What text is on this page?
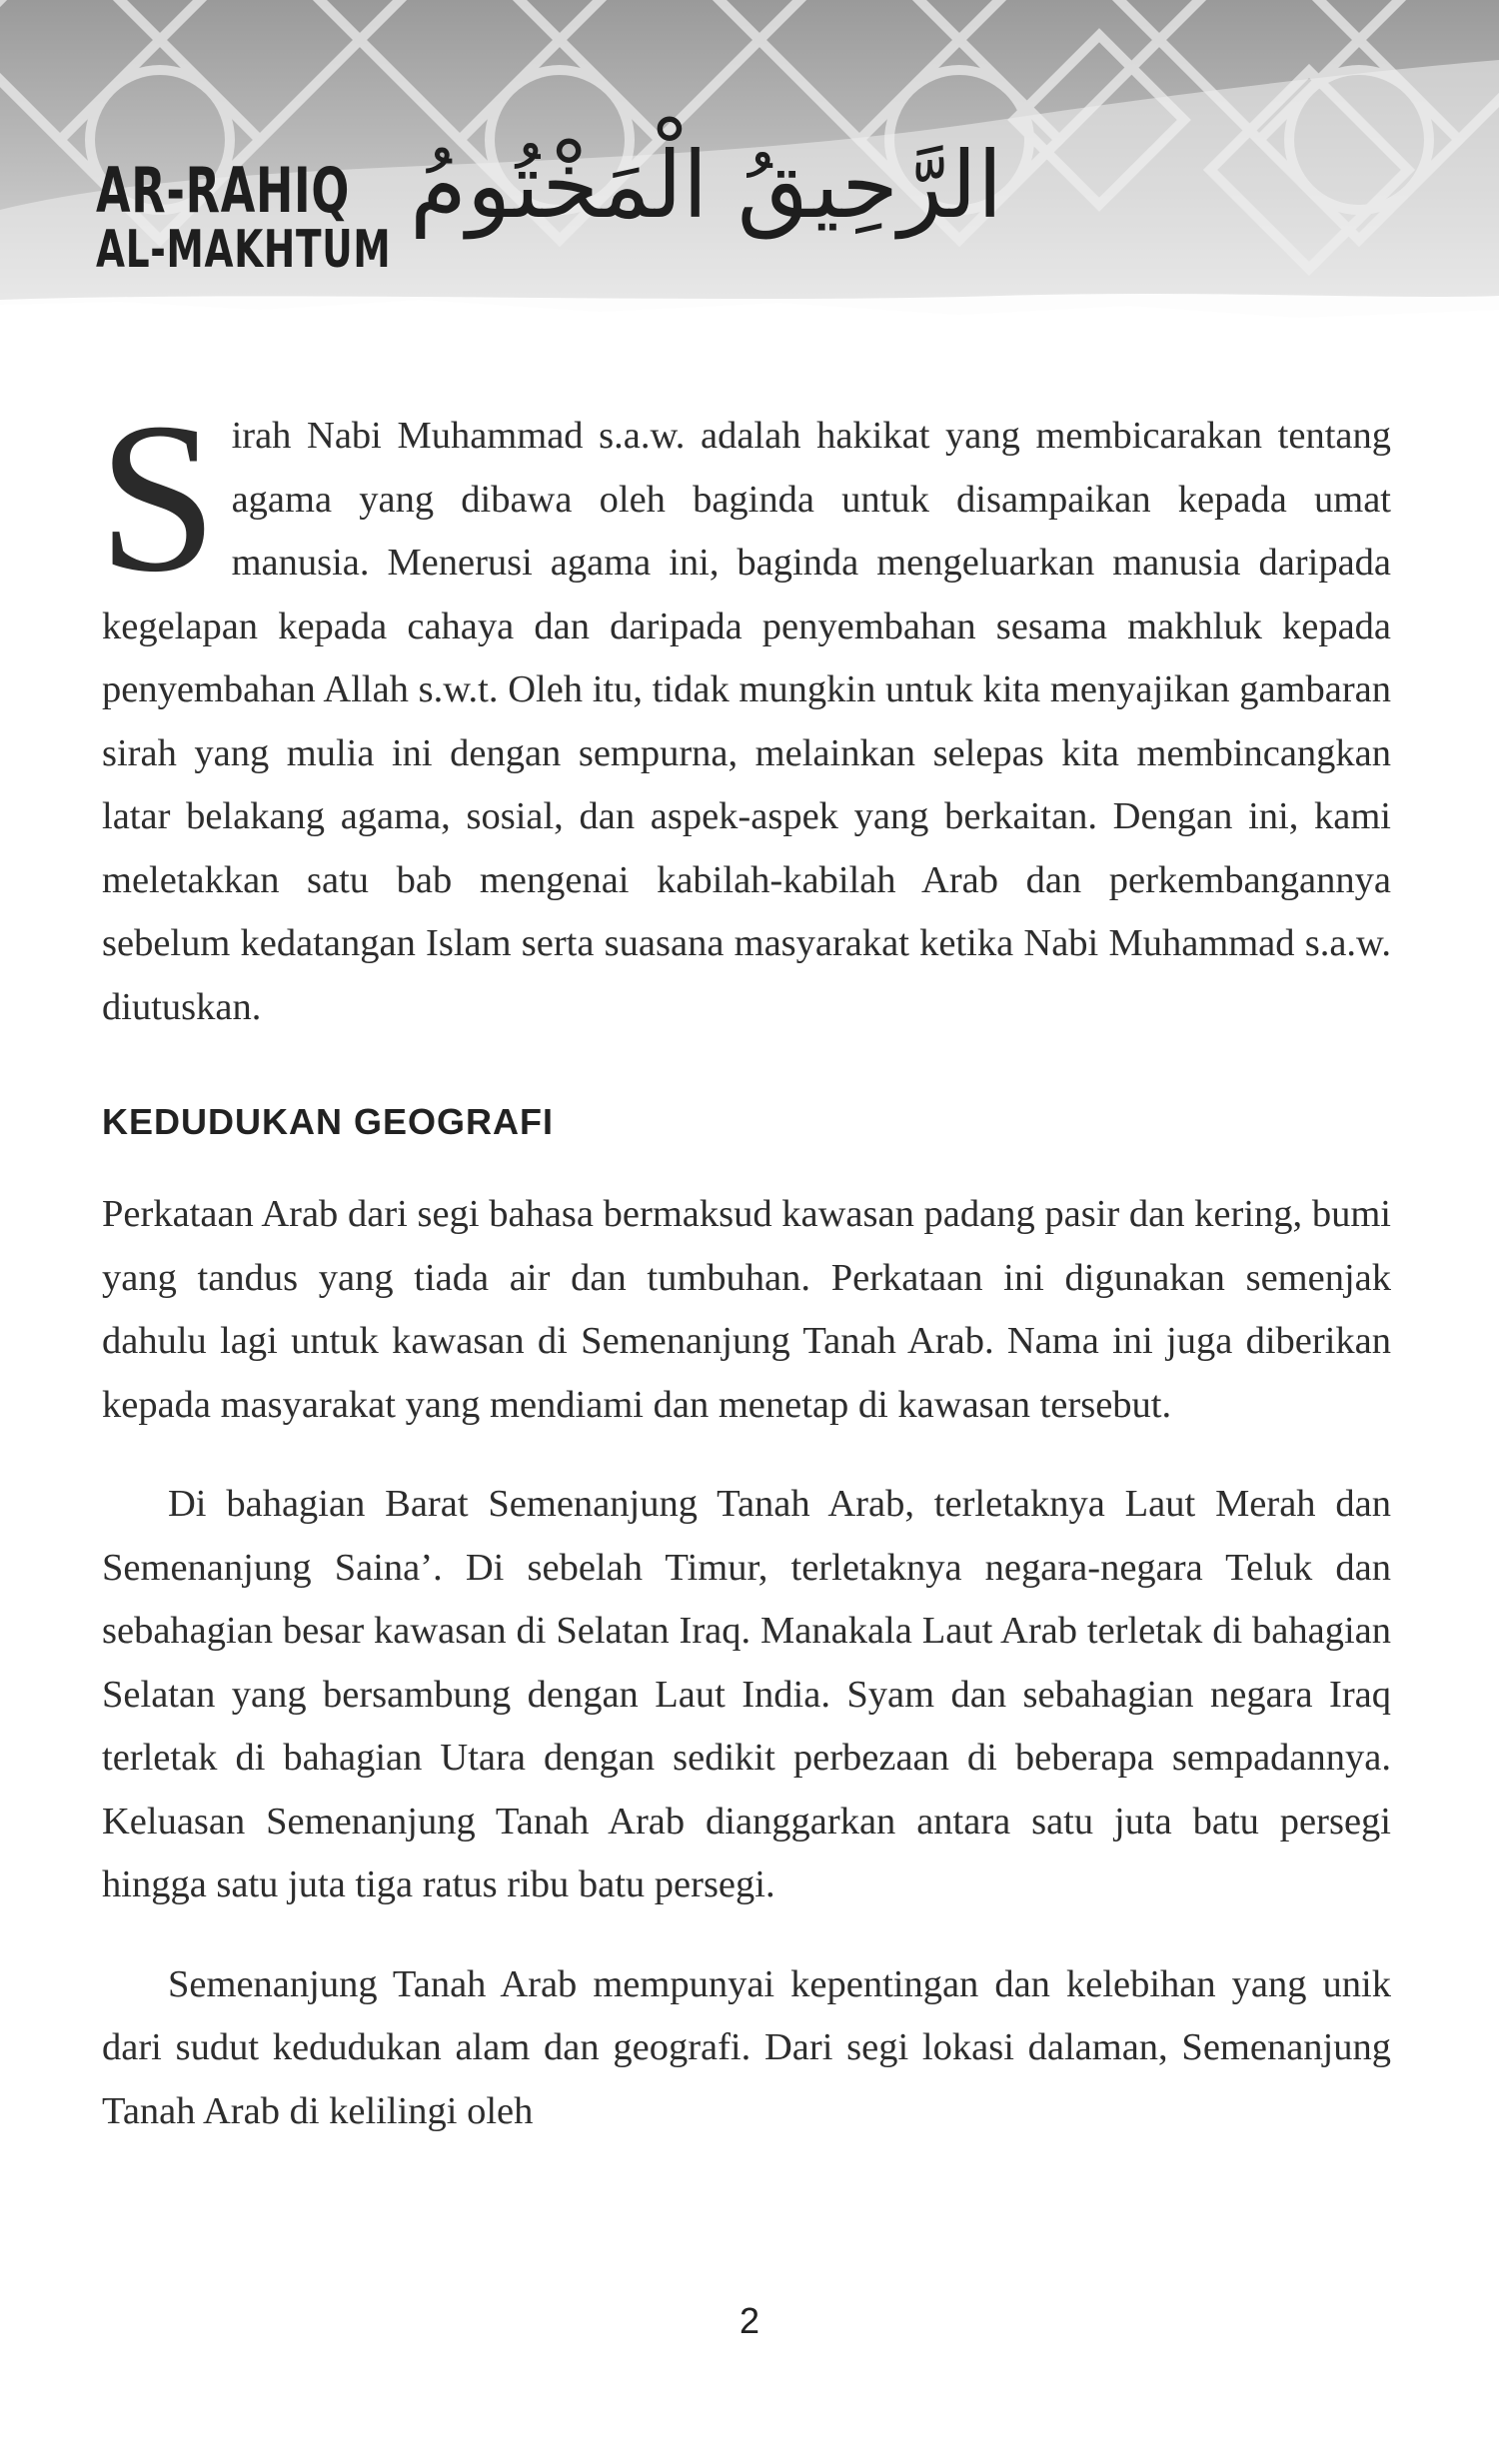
AR-RAHIQ
AL-MAKHTUM
الرَّحِيقُ الْمَخْتُومُ

Sirah Nabi Muhammad s.a.w. adalah hakikat yang membicarakan tentang agama yang dibawa oleh baginda untuk disampaikan kepada umat manusia. Menerusi agama ini, baginda mengeluarkan manusia daripada kegelapan kepada cahaya dan daripada penyembahan sesama makhluk kepada penyembahan Allah s.w.t. Oleh itu, tidak mungkin untuk kita menyajikan gambaran sirah yang mulia ini dengan sempurna, melainkan selepas kita membincangkan latar belakang agama, sosial, dan aspek-aspek yang berkaitan. Dengan ini, kami meletakkan satu bab mengenai kabilah-kabilah Arab dan perkembangannya sebelum kedatangan Islam serta suasana masyarakat ketika Nabi Muhammad s.a.w. diutuskan.

KEDUDUKAN GEOGRAFI

Perkataan Arab dari segi bahasa bermaksud kawasan padang pasir dan kering, bumi yang tandus yang tiada air dan tumbuhan. Perkataan ini digunakan semenjak dahulu lagi untuk kawasan di Semenanjung Tanah Arab. Nama ini juga diberikan kepada masyarakat yang mendiami dan menetap di kawasan tersebut.

Di bahagian Barat Semenanjung Tanah Arab, terletaknya Laut Merah dan Semenanjung Saina’. Di sebelah Timur, terletaknya negara-negara Teluk dan sebahagian besar kawasan di Selatan Iraq. Manakala Laut Arab terletak di bahagian Selatan yang bersambung dengan Laut India. Syam dan sebahagian negara Iraq terletak di bahagian Utara dengan sedikit perbezaan di beberapa sempadannya. Keluasan Semenanjung Tanah Arab dianggarkan antara satu juta batu persegi hingga satu juta tiga ratus ribu batu persegi.

Semenanjung Tanah Arab mempunyai kepentingan dan kelebihan yang unik dari sudut kedudukan alam dan geografi. Dari segi lokasi dalaman, Semenanjung Tanah Arab di kelilingi oleh

2
